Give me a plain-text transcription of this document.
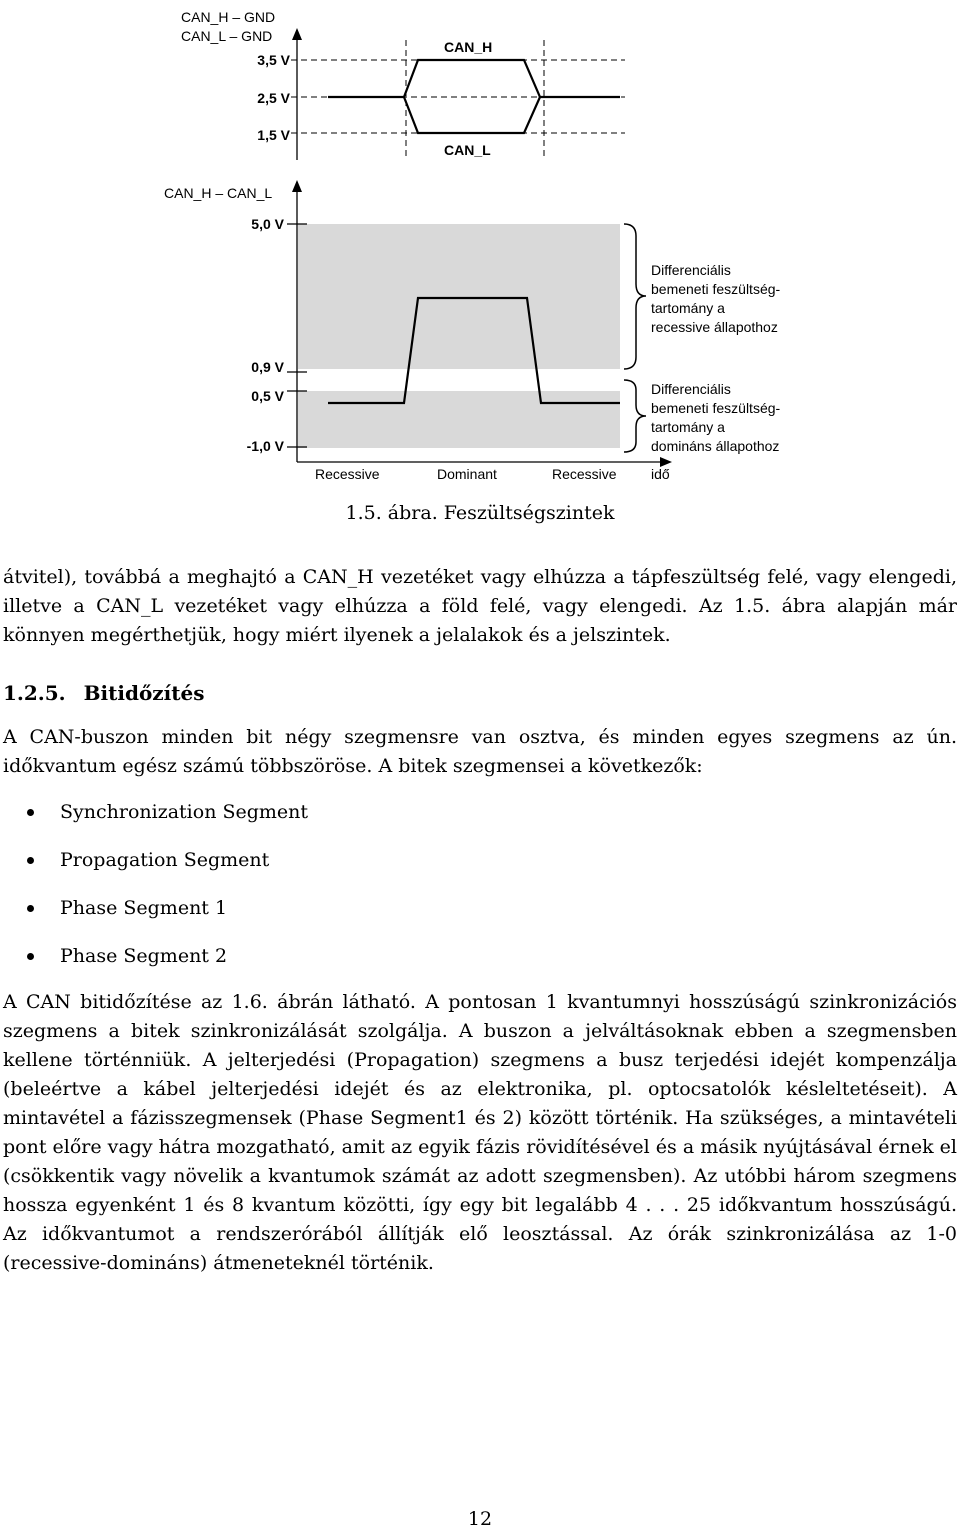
CAN_H – GND
CAN_L – GND
3,5 V
2,5 V
1,5 V
CAN_H
CAN_L
CAN_H – CAN_L
5,0 V
0,9 V
0,5 V
-1,0 V
Recessive	Dominant	Recessive idő
Differenciális
bemeneti feszültség-
tartomány a
recessive állapothoz
Differenciális
bemeneti feszültség-
tartomány a
domináns állapothoz
1.5. ábra. Feszültségszintek

átvitel), továbbá a meghajtó a CAN_H vezetéket vagy elhúzza a tápfeszültség felé, vagy elengedi, illetve a CAN_L vezetéket vagy elhúzza a föld felé, vagy elengedi. Az 1.5. ábra alapján már könnyen megérthetjük, hogy miért ilyenek a jelalakok és a jelszintek.

1.2.5. Bitidőzítés

A CAN-buszon minden bit négy szegmensre van osztva, és minden egyes szegmens az ún. időkvantum egész számú többszöröse. A bitek szegmensei a következők:

Synchronization Segment
Propagation Segment
Phase Segment 1
Phase Segment 2

A CAN bitidőzítése az 1.6. ábrán látható. A pontosan 1 kvantumnyi hosszúságú szinkronizációs szegmens a bitek szinkronizálását szolgálja. A buszon a jelváltásoknak ebben a szegmensben kellene történniük. A jelterjedési (Propagation) szegmens a busz terjedési idejét kompenzálja (beleértve a kábel jelterjedési idejét és az elektronika, pl. optocsatolók késleltetéseit). A mintavétel a fázisszegmensek (Phase Segment1 és 2) között történik. Ha szükséges, a mintavételi pont előre vagy hátra mozgatható, amit az egyik fázis rövidítésével és a másik nyújtásával érnek el (csökkentik vagy növelik a kvantumok számát az adott szegmensben). Az utóbbi három szegmens hossza egyenként 1 és 8 kvantum közötti, így egy bit legalább 4 . . . 25 időkvantum hosszúságú. Az időkvantumot a rendszerórából állítják elő leosztással. Az órák szinkronizálása az 1-0 (recessive-domináns) átmeneteknél történik.

12
